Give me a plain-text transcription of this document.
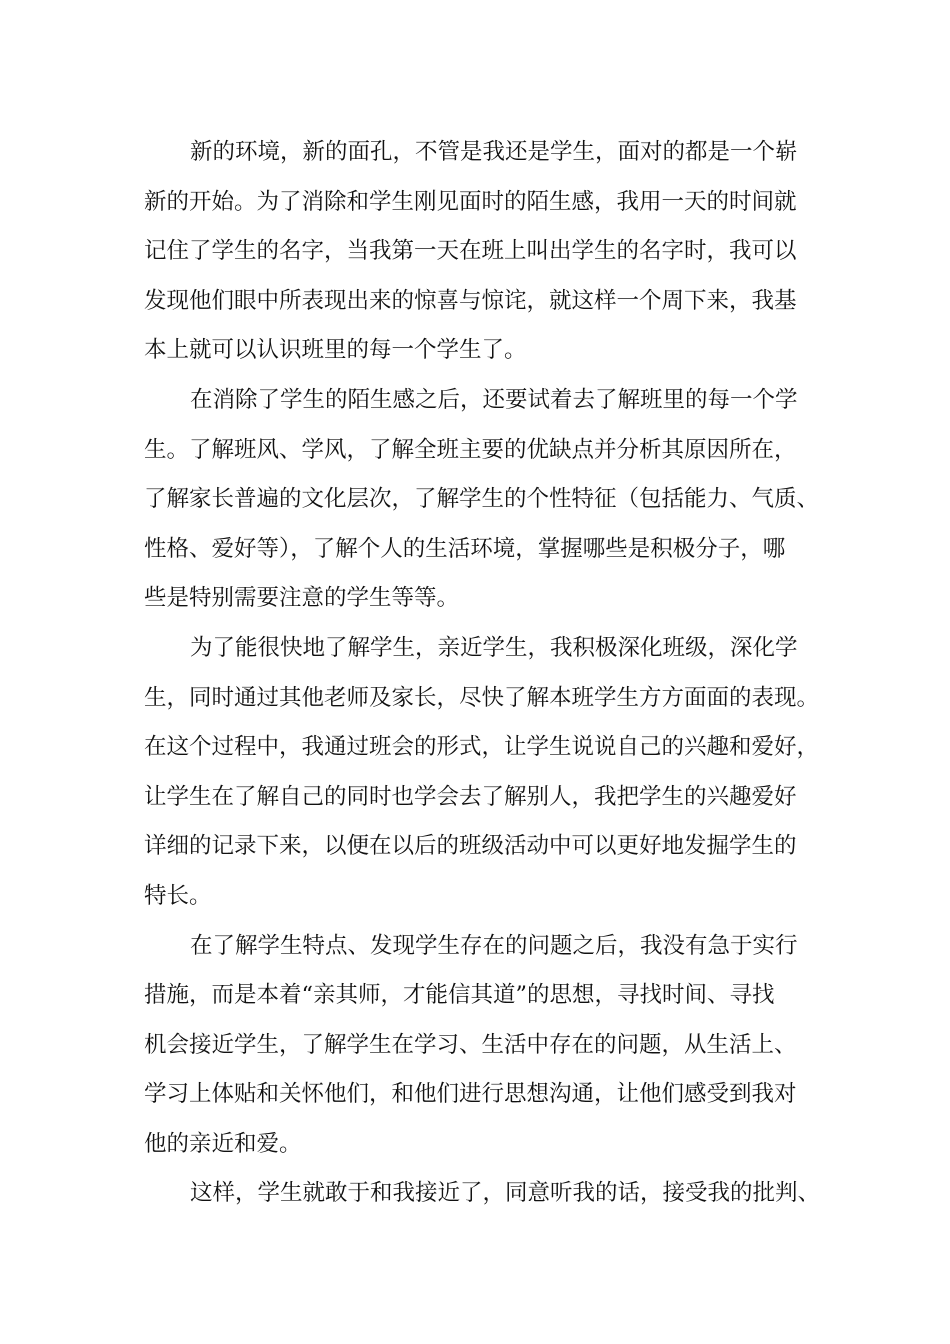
新的环境，新的面孔，不管是我还是学生，面对的都是一个崭
新的开始。为了消除和学生刚见面时的陌生感，我用一天的时间就
记住了学生的名字，当我第一天在班上叫出学生的名字时，我可以
发现他们眼中所表现出来的惊喜与惊诧，就这样一个周下来，我基
本上就可以认识班里的每一个学生了。
在消除了学生的陌生感之后，还要试着去了解班里的每一个学
生。了解班风、学风，了解全班主要的优缺点并分析其原因所在，
了解家长普遍的文化层次，了解学生的个性特征（包括能力、气质、
性格、爱好等），了解个人的生活环境，掌握哪些是积极分子，哪
些是特别需要注意的学生等等。
为了能很快地了解学生，亲近学生，我积极深化班级，深化学
生，同时通过其他老师及家长，尽快了解本班学生方方面面的表现。
在这个过程中，我通过班会的形式，让学生说说自己的兴趣和爱好，
让学生在了解自己的同时也学会去了解别人，我把学生的兴趣爱好
详细的记录下来，以便在以后的班级活动中可以更好地发掘学生的
特长。
在了解学生特点、发现学生存在的问题之后，我没有急于实行
措施，而是本着“亲其师，才能信其道”的思想，寻找时间、寻找
机会接近学生，了解学生在学习、生活中存在的问题，从生活上、
学习上体贴和关怀他们，和他们进行思想沟通，让他们感受到我对
他的亲近和爱。
这样，学生就敢于和我接近了，同意听我的话，接受我的批判、
